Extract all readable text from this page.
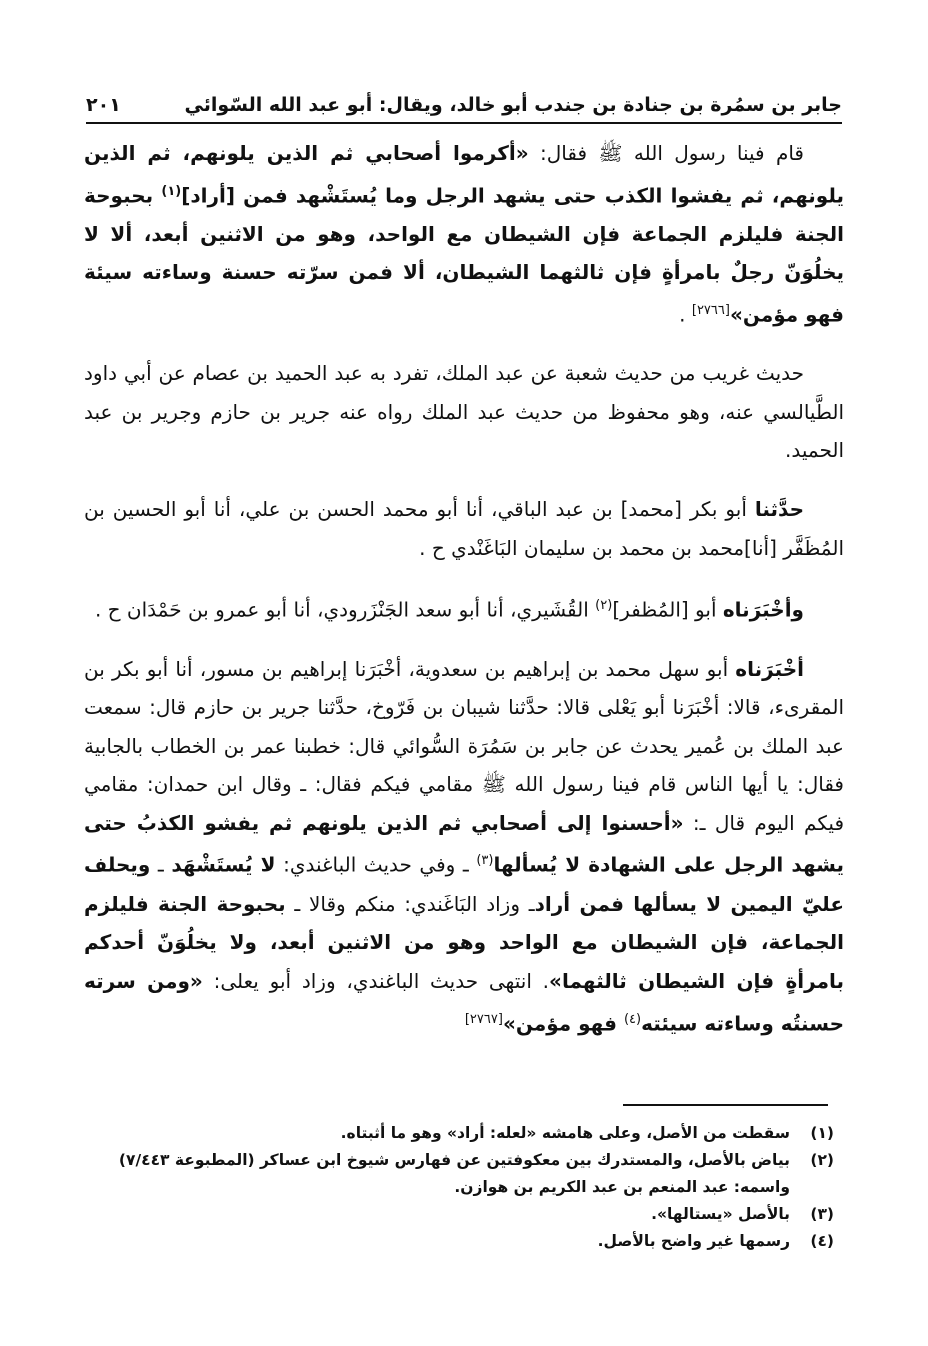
جابر بن سمُرة بن جنادة بن جندب أبو خالد، ويقال: أبو عبد الله السّوائي
٢٠١

قام فينا رسول الله ﷺ فقال: «أكرموا أصحابي ثم الذين يلونهم، ثم الذين يلونهم، ثم يفشوا الكذب حتى يشهد الرجل وما يُستَشْهد فمن [أراد]$^{(١)}$ بحبوحة الجنة فليلزم الجماعة فإن الشيطان مع الواحد، وهو من الاثنين أبعد، ألا لا يخلُوَنّ رجلٌ بامرأةٍ فإن ثالثهما الشيطان، ألا فمن سرّته حسنة وساءته سيئة فهو مؤمن»[٢٧٦٦] .

حديث غريب من حديث شعبة عن عبد الملك، تفرد به عبد الحميد بن عصام عن أبي داود الطَّيالسي عنه، وهو محفوظ من حديث عبد الملك رواه عنه جرير بن حازم وجرير بن عبد الحميد.

حدَّثنا أبو بكر [محمد] بن عبد الباقي، أنا أبو محمد الحسن بن علي، أنا أبو الحسين بن المُظَفَّر [أنا]محمد بن محمد بن سليمان البَاغَنْدي ح .

وأخْبَرَناه أبو [المُظفر]$^{(٢)}$ القُشَيري، أنا أبو سعد الجَنْزَرودي، أنا أبو عمرو بن حَمْدَان ح .

أخْبَرَناه أبو سهل محمد بن إبراهيم بن سعدوية، أخْبَرَنا إبراهيم بن مسور، أنا أبو بكر بن المقرىء، قالا: أخْبَرَنا أبو يَعْلى قالا: حدَّثنا شيبان بن فَرّوخ، حدَّثنا جرير بن حازم قال: سمعت عبد الملك بن عُمير يحدث عن جابر بن سَمُرَة السُّوائي قال: خطبنا عمر بن الخطاب بالجابية فقال: يا أيها الناس قام فينا رسول الله ﷺ مقامي فيكم فقال: ـ وقال ابن حمدان: مقامي فيكم اليوم قال ـ: «أحسنوا إلى أصحابي ثم الذين يلونهم ثم يفشو الكذبُ حتى يشهد الرجل على الشهادة لا يُسألها$^{(٣)}$ ـ وفي حديث الباغندي: لا يُستَشْهَد ـ ويحلف عليّ اليمين لا يسألها فمن أرادـ وزاد البَاغَندي: منكم وقالا ـ بحبوحة الجنة فليلزم الجماعة، فإن الشيطان مع الواحد وهو من الاثنين أبعد، ولا يخلُوَنّ أحدكم بامرأةٍ فإن الشيطان ثالثهما». انتهى حديث الباغندي، وزاد أبو يعلى: «ومن سرته حسنتُه وساءته سيئته$^{(٤)}$ فهو مؤمن»[٢٧٦٧]

(١)
سقطت من الأصل، وعلى هامشه «لعله: أراد» وهو ما أثبتاه.
(٢)
بياض بالأصل، والمستدرك بين معكوفتين عن فهارس شيوخ ابن عساكر (المطبوعة ٧/٤٤٣) واسمه: عبد المنعم بن عبد الكريم بن هوازن.
(٣)
بالأصل «يستالها».
(٤)
رسمها غير واضح بالأصل.
